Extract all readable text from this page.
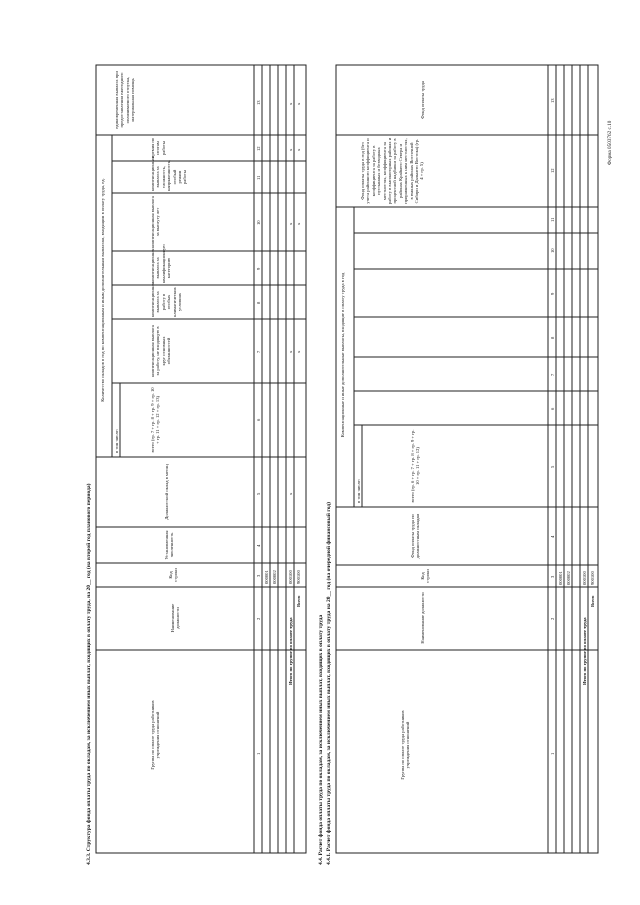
Форма 0503762 с.10
4.3.3. Структура фонда оплаты труда по окладам, за исключением иных выплат, входящих в оплату труда, на 20__ год (на второй год планового периода)	Группа по оплате труда работников учреждения отношений
Наименование должности
Код строки
Установленная численность
Должностной оклад в месяц
всего (гр. 7 + гр. 8 + гр. 9 + гр. 10 + гр. 11 + гр. 12 + гр. 13)
Количество окладов в год по компенсационным и иным дополнительным выплатам, входящим в оплату труда, ед.
в том числе:
компенсационная выплата за работу, не входящую в круг основных обязанностей
компенсационная выплата за работу в особых климатических условиях
компенсационная выплата за квалификационную категорию
компенсационная выплата за выслугу лет
компенсационная выплата за сложность, напряженность, особый режим работы
премия по итогам работы
единовременная выплата при предоставлении ежегодного оплачиваемого отпуска, материальная помощь
1
2
3
4
5
6
7
8
9
10
11
12
13
000001 000002 000100 900100
Итого по группе по оплате труда
Всего
x
x x
x x
x x
x x
4.4. Расчет фонда оплаты труда по окладам, за исключением иных выплат, входящих в оплату труда 4.4.1. Расчет фонда оплаты труда по окладам, за исключением иных выплат, входящих в оплату труда на 20__ год (на очередной финансовый год)	Группа по оплате труда работников учреждения отношений
Наименование должности
Код строки
Фонд оплаты труда по должностным окладам
всего (гр. 6 + гр. 7 + гр. 8 + гр. 9 + гр. 10 + гр. 11 + гр. 12)
Компенсационные и иные дополнительные выплаты, входящие в оплату труда в год
в том числе:
Фонд оплаты труда в год (без учета районного коэффициента и коэффициента за работу в пустынных и безводных местностях, коэффициента за работу в высокогорных районах и процентной надбавки за работу в районах Крайнего Севера и приравненных к ним местностях, в южных районах Восточной Сибири и Дальнего Востока) (гр. 4 + гр. 5)
Фонд оплаты труда
1
2
3
4
5
6
7
8
9
10
11
12
13
000001 000002 000100 900100
Итого по группе по оплате труда
Всего
